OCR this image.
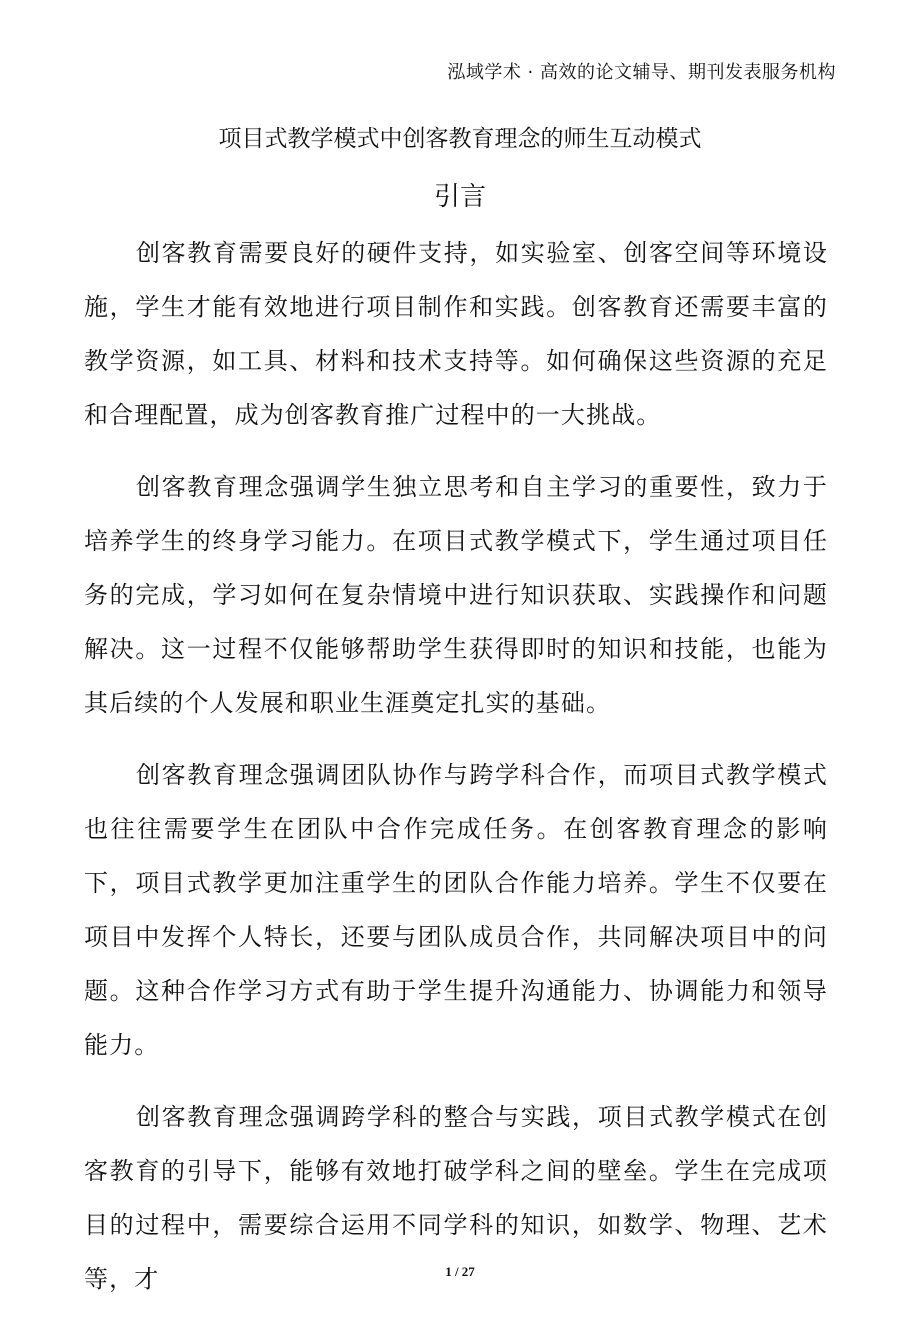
泓域学术 · 高效的论文辅导、期刊发表服务机构
项目式教学模式中创客教育理念的师生互动模式
引言

创客教育需要良好的硬件支持，如实验室、创客空间等环境设施，学生才能有效地进行项目制作和实践。创客教育还需要丰富的教学资源，如工具、材料和技术支持等。如何确保这些资源的充足和合理配置，成为创客教育推广过程中的一大挑战。

创客教育理念强调学生独立思考和自主学习的重要性，致力于培养学生的终身学习能力。在项目式教学模式下，学生通过项目任务的完成，学习如何在复杂情境中进行知识获取、实践操作和问题解决。这一过程不仅能够帮助学生获得即时的知识和技能，也能为其后续的个人发展和职业生涯奠定扎实的基础。

创客教育理念强调团队协作与跨学科合作，而项目式教学模式也往往需要学生在团队中合作完成任务。在创客教育理念的影响下，项目式教学更加注重学生的团队合作能力培养。学生不仅要在项目中发挥个人特长，还要与团队成员合作，共同解决项目中的问题。这种合作学习方式有助于学生提升沟通能力、协调能力和领导能力。

创客教育理念强调跨学科的整合与实践，项目式教学模式在创客教育的引导下，能够有效地打破学科之间的壁垒。学生在完成项目的过程中，需要综合运用不同学科的知识，如数学、物理、艺术等，才	1 / 27
